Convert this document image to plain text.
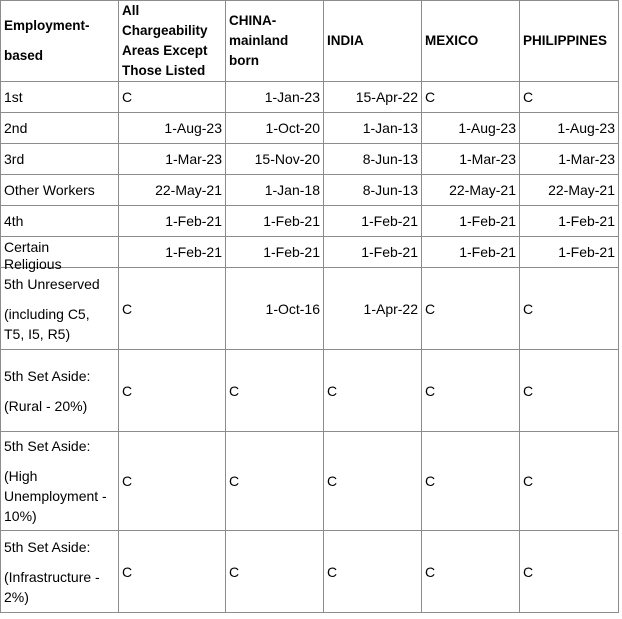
Employment-
based	All
Chargeability
Areas Except
Those Listed	CHINA-
mainland
born	INDIA	MEXICO	PHILIPPINES
1st	C	1-Jan-23	15-Apr-22	C	C
2nd	1-Aug-23	1-Oct-20	1-Jan-13	1-Aug-23	1-Aug-23
3rd	1-Mar-23	15-Nov-20	8-Jun-13	1-Mar-23	1-Mar-23
Other Workers	22-May-21	1-Jan-18	8-Jun-13	22-May-21	22-May-21
4th	1-Feb-21	1-Feb-21	1-Feb-21	1-Feb-21	1-Feb-21

Certain
Religious	1-Feb-21	1-Feb-21	1-Feb-21	1-Feb-21	1-Feb-21

5th Unreserved
(including C5,
T5, I5, R5)	C	1-Oct-16	1-Apr-22	C	C

5th Set Aside:
(Rural - 20%)	C	C	C	C	C

5th Set Aside:
(High
Unemployment -
10%)	C	C	C	C	C

5th Set Aside:
(Infrastructure -
2%)	C	C	C	C	C
